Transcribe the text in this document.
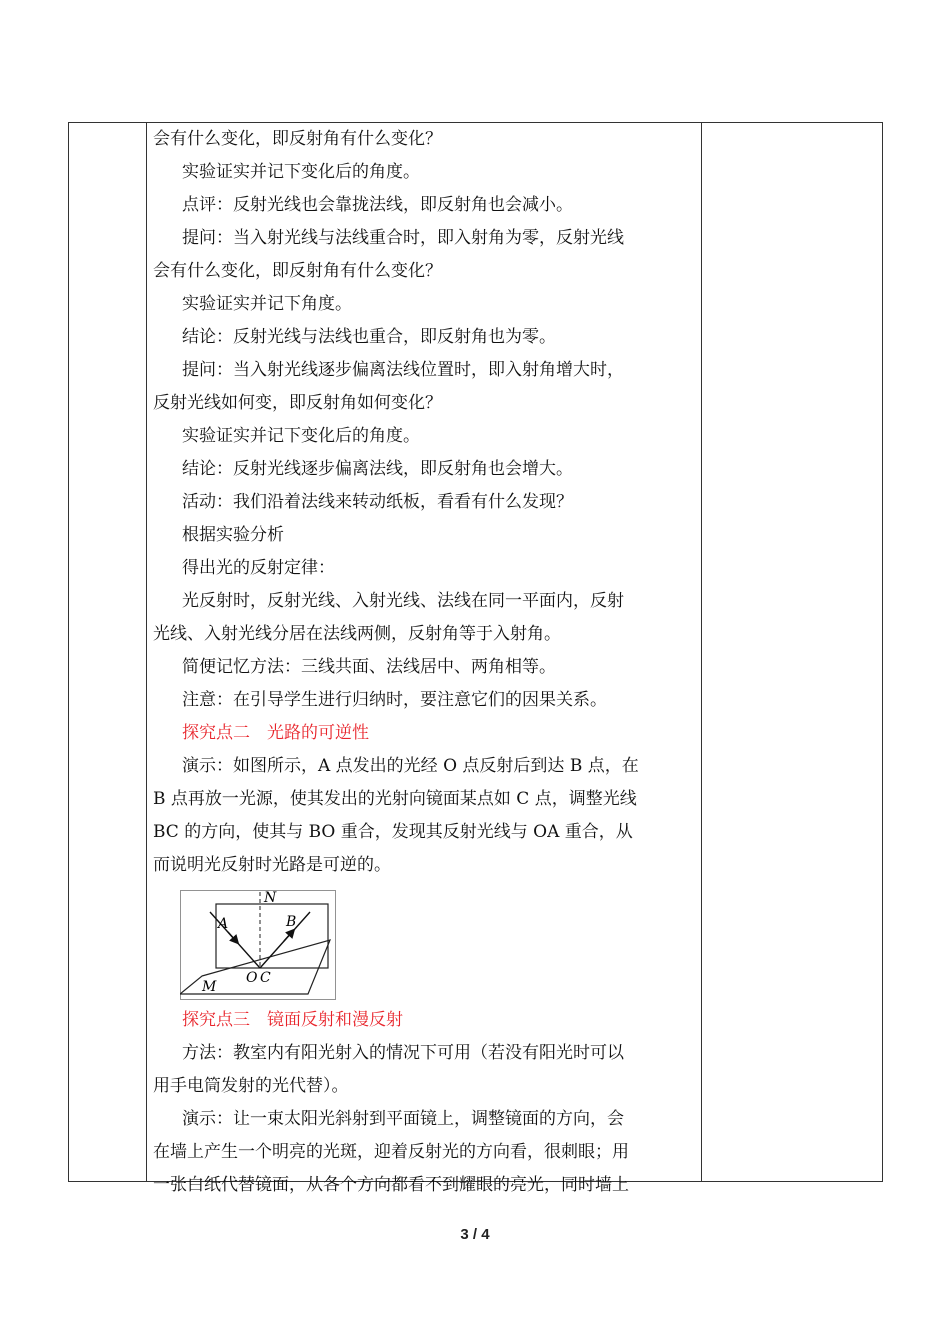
会有什么变化，即反射角有什么变化？

实验证实并记下变化后的角度。

点评：反射光线也会靠拢法线，即反射角也会减小。

提问：当入射光线与法线重合时，即入射角为零，反射光线

会有什么变化，即反射角有什么变化？

实验证实并记下角度。

结论：反射光线与法线也重合，即反射角也为零。

提问：当入射光线逐步偏离法线位置时，即入射角增大时，

反射光线如何变，即反射角如何变化？

实验证实并记下变化后的角度。

结论：反射光线逐步偏离法线，即反射角也会增大。

活动：我们沿着法线来转动纸板，看看有什么发现？

根据实验分析

得出光的反射定律：

光反射时，反射光线、入射光线、法线在同一平面内，反射

光线、入射光线分居在法线两侧，反射角等于入射角。

简便记忆方法：三线共面、法线居中、两角相等。

注意：在引导学生进行归纳时，要注意它们的因果关系。

探究点二　光路的可逆性

演示：如图所示，A 点发出的光经 O 点反射后到达 B 点，在

B 点再放一光源，使其发出的光射向镜面某点如 C 点，调整光线

BC 的方向，使其与 BO 重合，发现其反射光线与 OA 重合，从

而说明光反射时光路是可逆的。

N
A	B
O C
M

探究点三　镜面反射和漫反射

方法：教室内有阳光射入的情况下可用（若没有阳光时可以

用手电筒发射的光代替）。

演示：让一束太阳光斜射到平面镜上，调整镜面的方向，会

在墙上产生一个明亮的光斑，迎着反射光的方向看，很刺眼；用

一张白纸代替镜面，从各个方向都看不到耀眼的亮光，同时墙上

3 / 4
